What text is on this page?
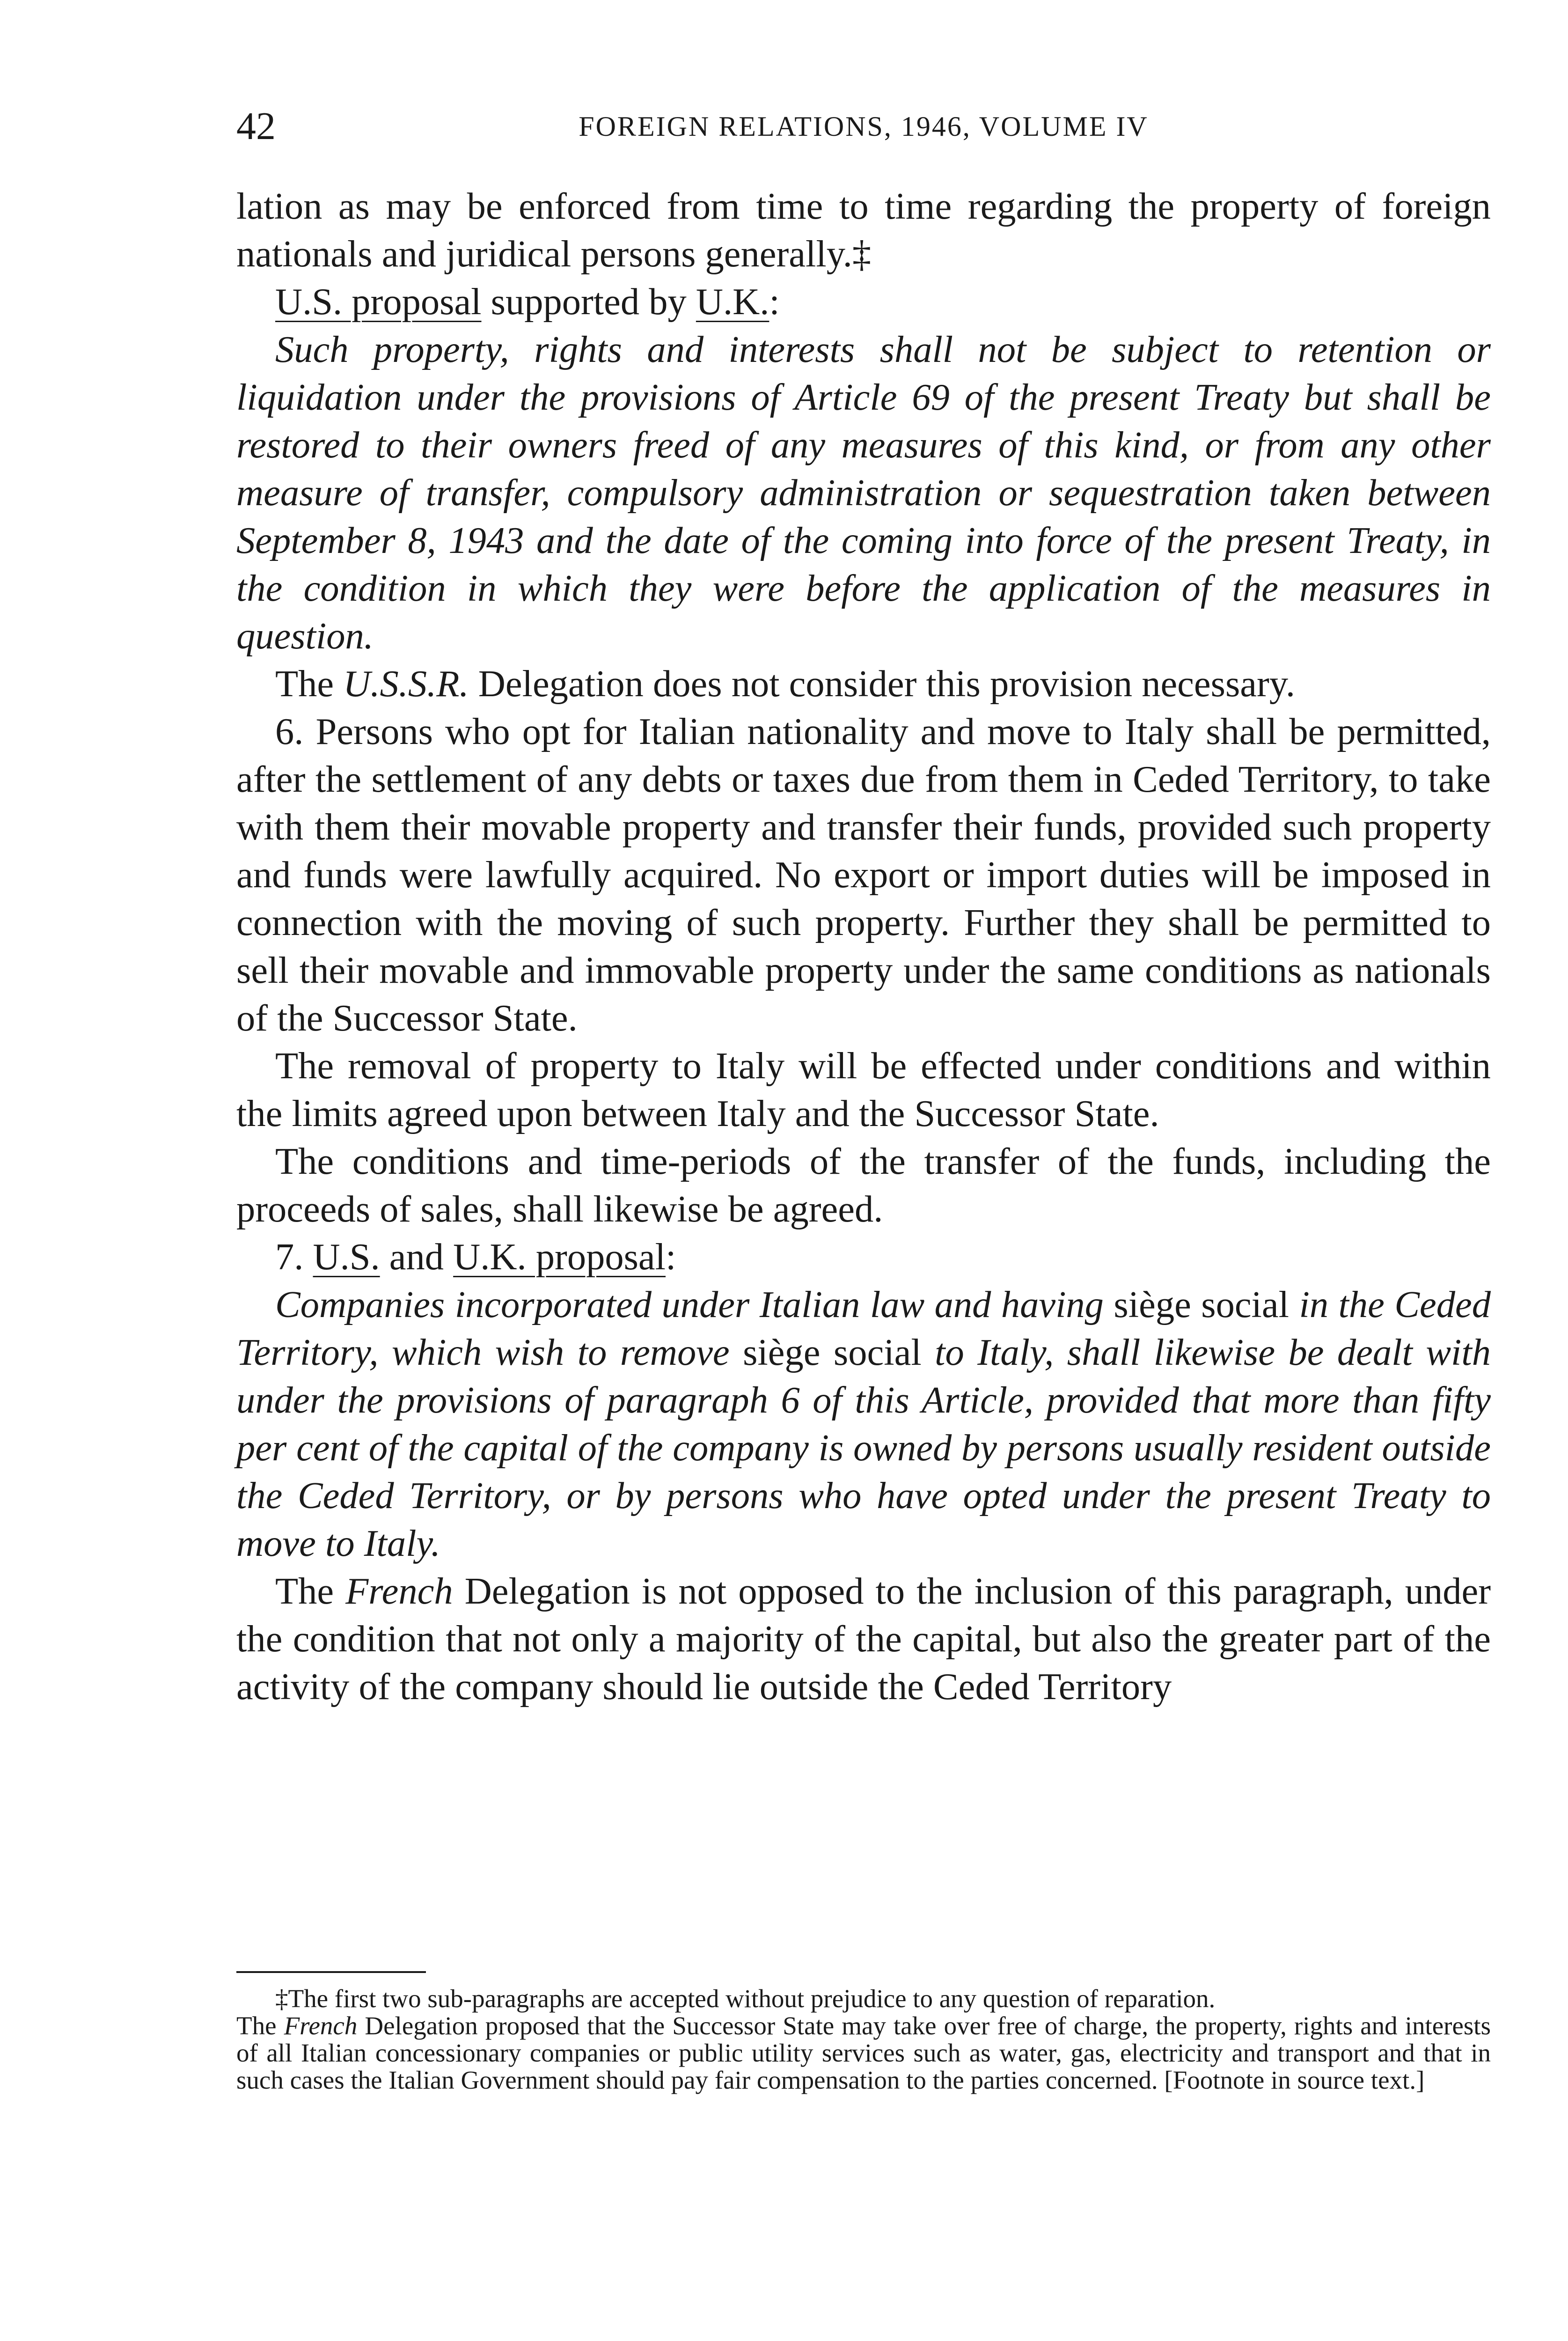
42	FOREIGN RELATIONS, 1946, VOLUME IV

lation as may be enforced from time to time regarding the property of foreign nationals and juridical persons generally.‡

U.S. proposal supported by U.K.:

Such property, rights and interests shall not be subject to retention or liquidation under the provisions of Article 69 of the present Treaty but shall be restored to their owners freed of any measures of this kind, or from any other measure of transfer, compulsory administration or sequestration taken between September 8, 1943 and the date of the coming into force of the present Treaty, in the condition in which they were before the application of the measures in question.

The U.S.S.R. Delegation does not consider this provision necessary.

6. Persons who opt for Italian nationality and move to Italy shall be permitted, after the settlement of any debts or taxes due from them in Ceded Territory, to take with them their movable property and transfer their funds, provided such property and funds were lawfully acquired. No export or import duties will be imposed in connection with the moving of such property. Further they shall be permitted to sell their movable and immovable property under the same conditions as nationals of the Successor State.

The removal of property to Italy will be effected under conditions and within the limits agreed upon between Italy and the Successor State.

The conditions and time-periods of the transfer of the funds, including the proceeds of sales, shall likewise be agreed.

7. U.S. and U.K. proposal:

Companies incorporated under Italian law and having siège social in the Ceded Territory, which wish to remove siège social to Italy, shall likewise be dealt with under the provisions of paragraph 6 of this Article, provided that more than fifty per cent of the capital of the company is owned by persons usually resident outside the Ceded Territory, or by persons who have opted under the present Treaty to move to Italy.

The French Delegation is not opposed to the inclusion of this paragraph, under the condition that not only a majority of the capital, but also the greater part of the activity of the company should lie outside the Ceded Territory

‡The first two sub-paragraphs are accepted without prejudice to any question of reparation.

The French Delegation proposed that the Successor State may take over free of charge, the property, rights and interests of all Italian concessionary companies or public utility services such as water, gas, electricity and transport and that in such cases the Italian Government should pay fair compensation to the parties concerned. [Footnote in source text.]
